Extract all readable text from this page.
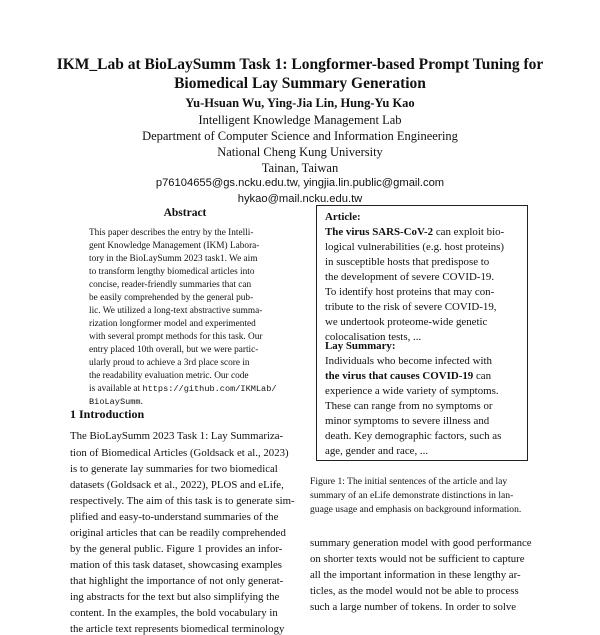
IKM_Lab at BioLaySumm Task 1: Longformer-based Prompt Tuning for
Biomedical Lay Summary Generation
Yu-Hsuan Wu, Ying-Jia Lin, Hung-Yu Kao
Intelligent Knowledge Management Lab
Department of Computer Science and Information Engineering
National Cheng Kung University
Tainan, Taiwan
p76104655@gs.ncku.edu.tw, yingjia.lin.public@gmail.com
hykao@mail.ncku.edu.tw
Abstract
This paper describes the entry by the Intelli-
gent Knowledge Management (IKM) Labora-
tory in the BioLaySumm 2023 task1. We aim
to transform lengthy biomedical articles into
concise, reader-friendly summaries that can
be easily comprehended by the general pub-
lic. We utilized a long-text abstractive summa-
rization longformer model and experimented
with several prompt methods for this task. Our
entry placed 10th overall, but we were partic-
ularly proud to achieve a 3rd place score in
the readability evaluation metric. Our code
is available at https://github.com/IKMLab/
BioLaySumm.
1 Introduction
The BioLaySumm 2023 Task 1: Lay Summariza-
tion of Biomedical Articles (Goldsack et al., 2023)
is to generate lay summaries for two biomedical
datasets (Goldsack et al., 2022), PLOS and eLife,
respectively. The aim of this task is to generate sim-
plified and easy-to-understand summaries of the
original articles that can be readily comprehended
by the general public. Figure 1 provides an infor-
mation of this task dataset, showcasing examples
that highlight the importance of not only generat-
ing abstracts for the text but also simplifying the
content. In the examples, the bold vocabulary in
the article text represents biomedical terminology
Article:
The virus SARS-CoV-2 can exploit bio-
logical vulnerabilities (e.g. host proteins)
in susceptible hosts that predispose to
the development of severe COVID-19.
To identify host proteins that may con-
tribute to the risk of severe COVID-19,
we undertook proteome-wide genetic
colocalisation tests, ...
Lay Summary:
Individuals who become infected with
the virus that causes COVID-19 can
experience a wide variety of symptoms.
These can range from no symptoms or
minor symptoms to severe illness and
death. Key demographic factors, such as
age, gender and race, ...
Figure 1: The initial sentences of the article and lay
summary of an eLife demonstrate distinctions in lan-
guage usage and emphasis on background information.
summary generation model with good performance
on shorter texts would not be sufficient to capture
all the important information in these lengthy ar-
ticles, as the model would not be able to process
such a large number of tokens. In order to solve
